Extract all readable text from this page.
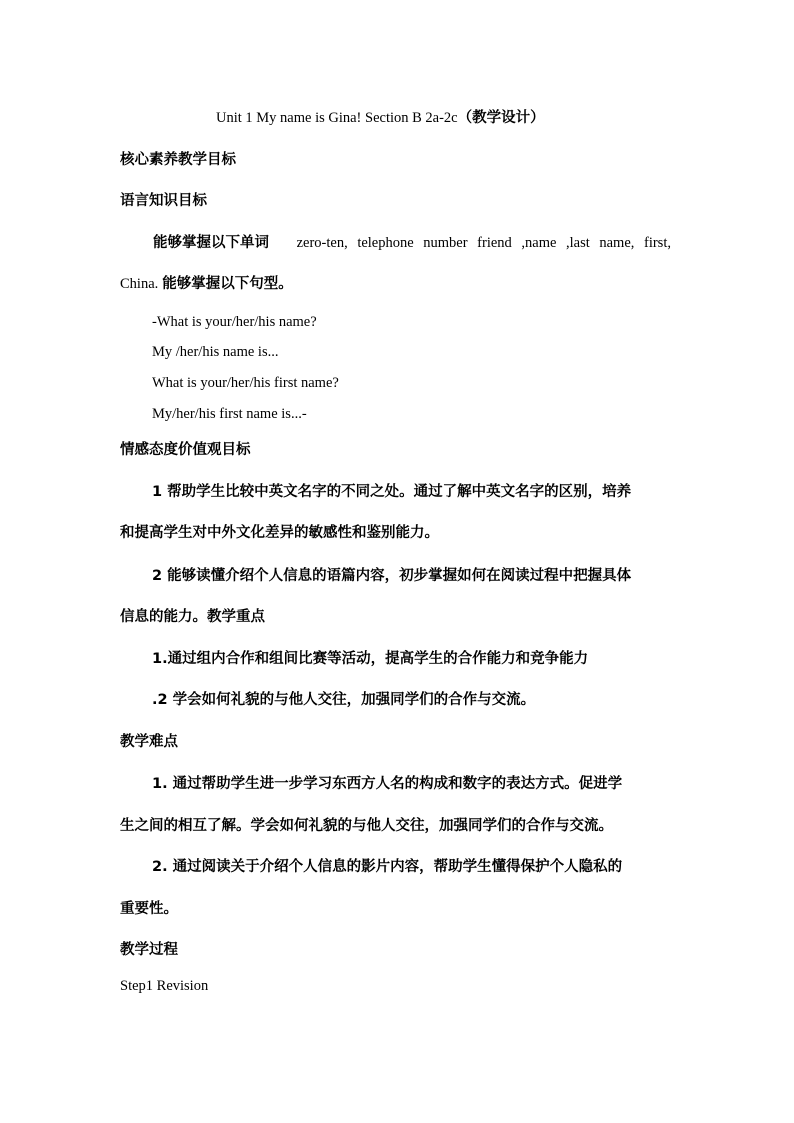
Unit 1 My name is Gina! Section B 2a-2c（教学设计）
核心素养教学目标
语言知识目标
能够掌握以下单词 zero-ten, telephone number friend ,name ,last name, first,
China. 能够掌握以下句型。
-What is your/her/his name?
My /her/his name is...
What is your/her/his first name?
My/her/his first name is...-
情感态度价值观目标
1 帮助学生比较中英文名字的不同之处。通过了解中英文名字的区别，培养
和提高学生对中外文化差异的敏感性和鉴别能力。
2 能够读懂介绍个人信息的语篇内容，初步掌握如何在阅读过程中把握具体
信息的能力。教学重点
1.通过组内合作和组间比赛等活动，提高学生的合作能力和竞争能力
.2 学会如何礼貌的与他人交往，加强同学们的合作与交流。
教学难点
1. 通过帮助学生进一步学习东西方人名的构成和数字的表达方式。促进学
生之间的相互了解。学会如何礼貌的与他人交往，加强同学们的合作与交流。
2. 通过阅读关于介绍个人信息的影片内容，帮助学生懂得保护个人隐私的
重要性。
教学过程
Step1 Revision
